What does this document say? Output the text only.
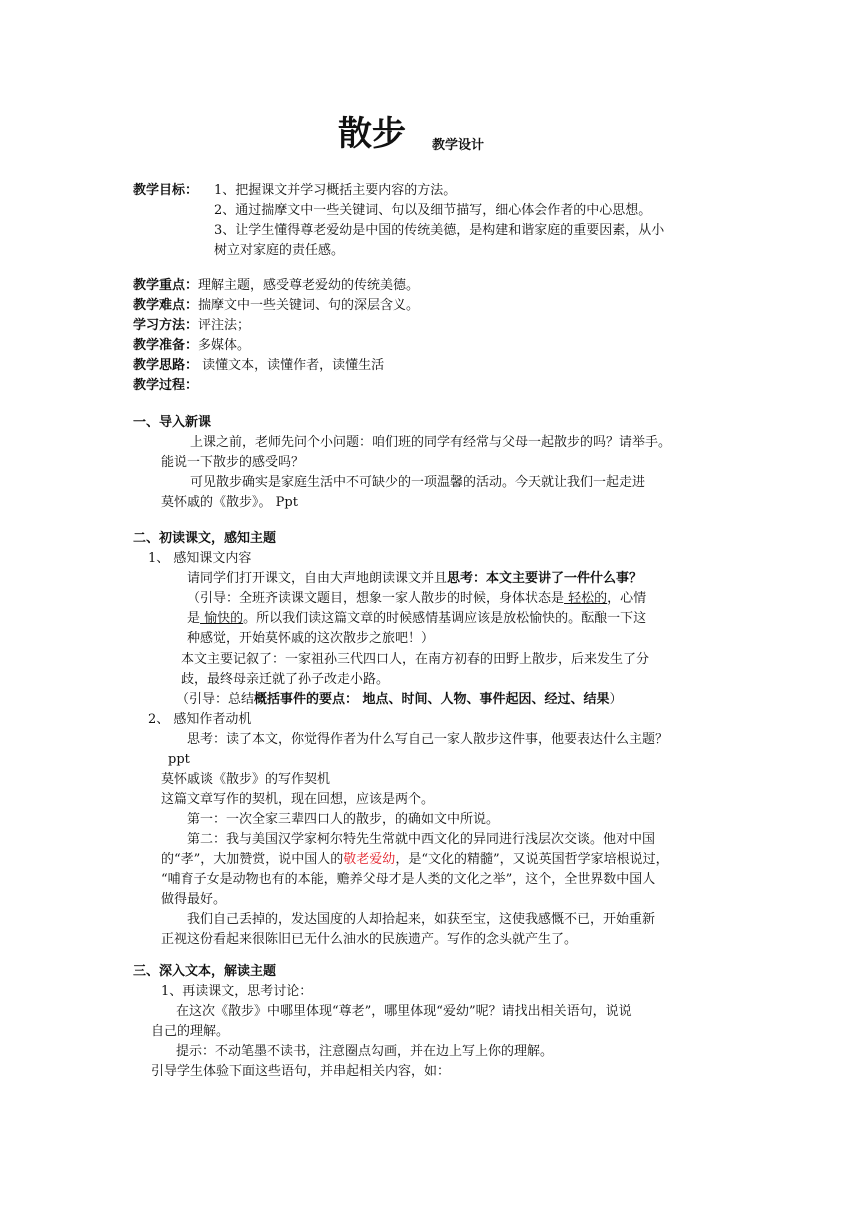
散步 教学设计
教学目标： 1、把握课文并学习概括主要内容的方法。
2、通过揣摩文中一些关键词、句以及细节描写，细心体会作者的中心思想。
3、让学生懂得尊老爱幼是中国的传统美德，是构建和谐家庭的重要因素，从小
树立对家庭的责任感。
教学重点：理解主题，感受尊老爱幼的传统美德。
教学难点：揣摩文中一些关键词、句的深层含义。
学习方法：评注法；
教学准备：多媒体。
教学思路： 读懂文本，读懂作者，读懂生活
教学过程：
一、导入新课
上课之前，老师先问个小问题：咱们班的同学有经常与父母一起散步的吗？请举手。
能说一下散步的感受吗？
可见散步确实是家庭生活中不可缺少的一项温馨的活动。今天就让我们一起走进
莫怀戚的《散步》。 Ppt
二、初读课文，感知主题
1、 感知课文内容
请同学们打开课文，自由大声地朗读课文并且思考：本文主要讲了一件什么事？
（引导：全班齐读课文题目，想象一家人散步的时候，身体状态是 轻松的，心情
是 愉快的。所以我们读这篇文章的时候感情基调应该是放松愉快的。酝酿一下这
种感觉，开始莫怀戚的这次散步之旅吧！）
本文主要记叙了：一家祖孙三代四口人，在南方初春的田野上散步，后来发生了分
歧，最终母亲迁就了孙子改走小路。
（引导：总结概括事件的要点： 地点、时间、人物、事件起因、经过、结果）
2、 感知作者动机
思考：读了本文，你觉得作者为什么写自己一家人散步这件事，他要表达什么主题？
ppt
莫怀戚谈《散步》的写作契机
这篇文章写作的契机，现在回想，应该是两个。
第一：一次全家三辈四口人的散步，的确如文中所说。
第二：我与美国汉学家柯尔特先生常就中西文化的异同进行浅层次交谈。他对中国
的“孝”，大加赞赏，说中国人的敬老爱幼，是“文化的精髓”，又说英国哲学家培根说过，
“哺育子女是动物也有的本能，赡养父母才是人类的文化之举”，这个，全世界数中国人
做得最好。
我们自己丢掉的，发达国度的人却拾起来，如获至宝，这使我感慨不已，开始重新
正视这份看起来很陈旧已无什么油水的民族遗产。写作的念头就产生了。
三、深入文本，解读主题
1、再读课文，思考讨论：
在这次《散步》中哪里体现“尊老”，哪里体现“爱幼”呢？请找出相关语句，说说
自己的理解。
提示：不动笔墨不读书，注意圈点勾画，并在边上写上你的理解。
引导学生体验下面这些语句，并串起相关内容，如：
